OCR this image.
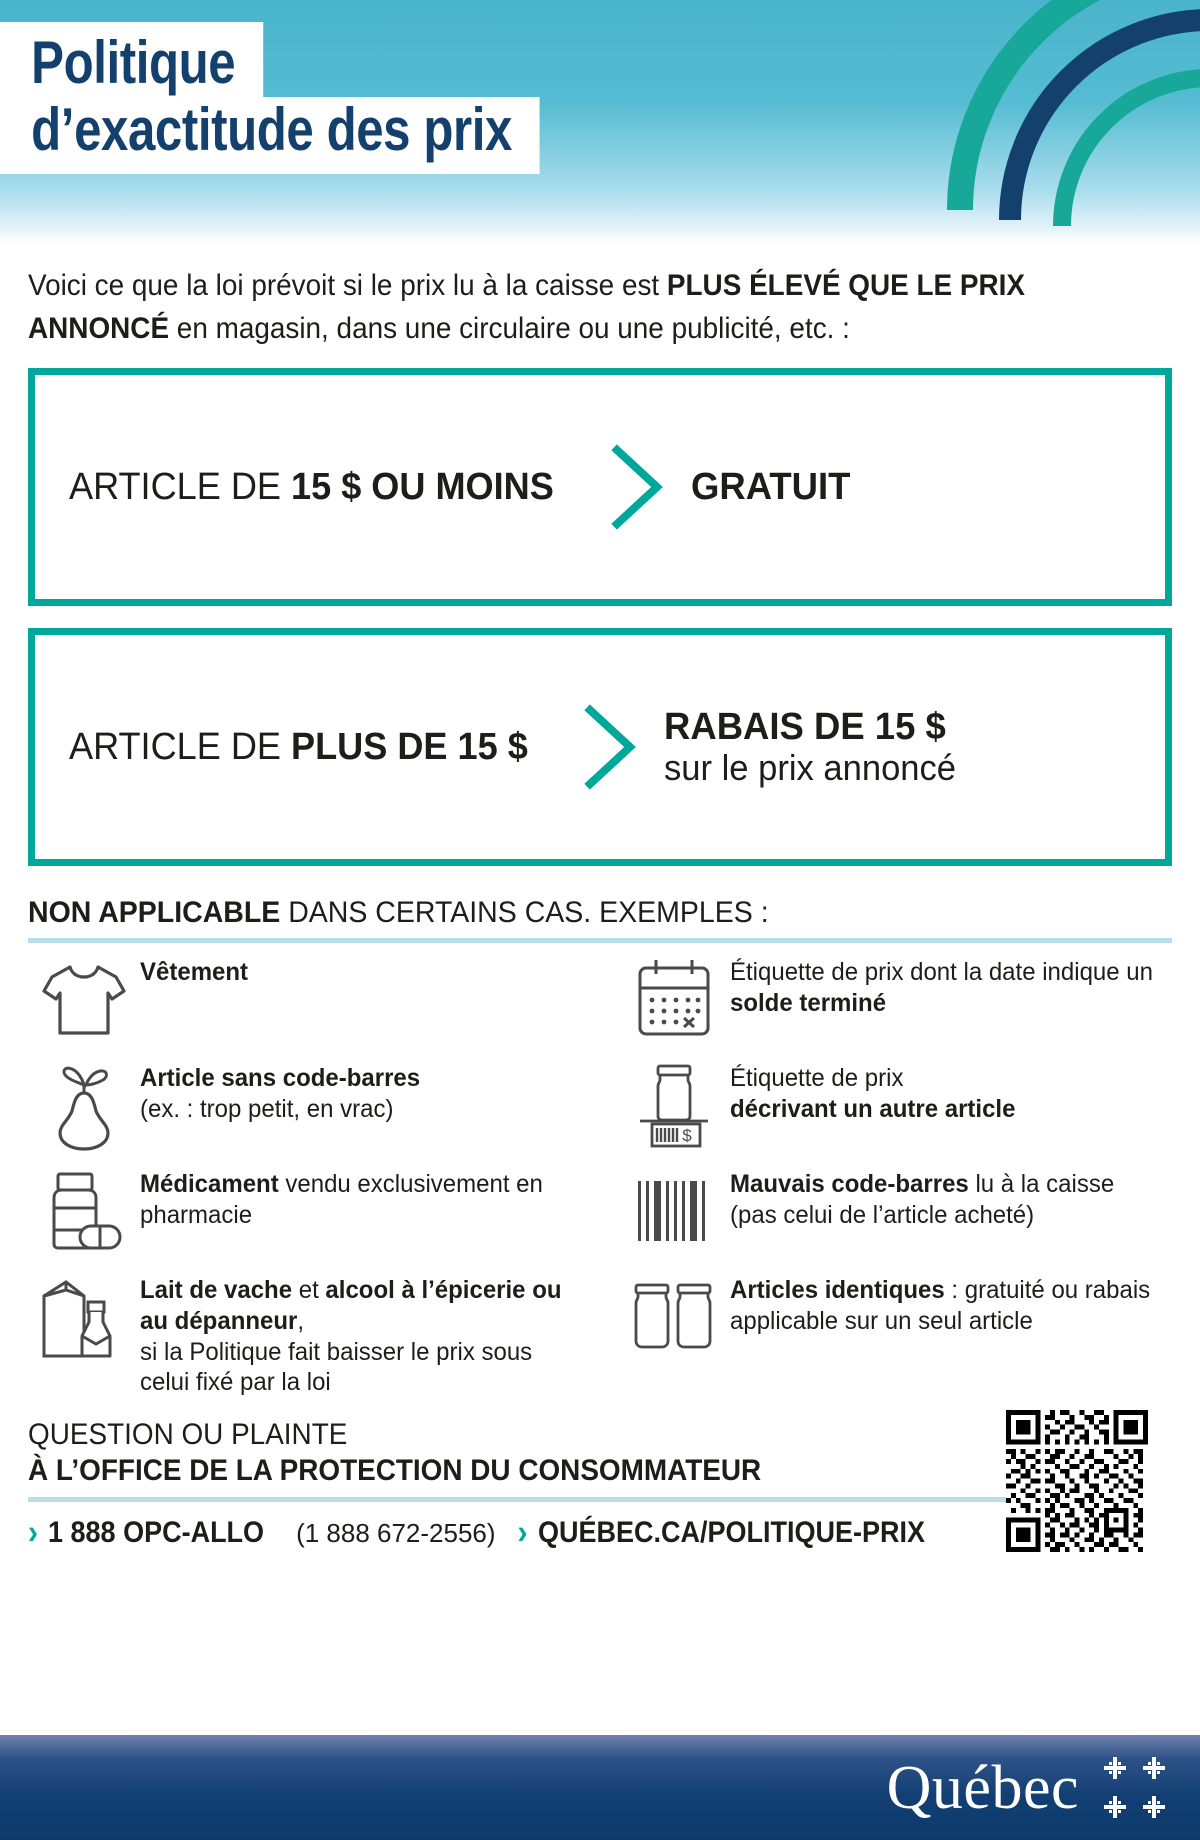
Politique
d’exactitude des prix

Voici ce que la loi prévoit si le prix lu à la caisse est PLUS ÉLEVÉ QUE LE PRIX ANNONCÉ en magasin, dans une circulaire ou une publicité, etc. :

ARTICLE DE 15 $ OU MOINS	GRATUIT
ARTICLE DE PLUS DE 15 $	RABAIS DE 15 $
sur le prix annoncé
NON APPLICABLE DANS CERTAINS CAS. EXEMPLES :
Vêtement
Article sans code-barres
(ex. : trop petit, en vrac)
Médicament vendu exclusivement en pharmacie
Lait de vache et alcool à l’épicerie ou au dépanneur,
si la Politique fait baisser le prix sous celui fixé par la loi
Étiquette de prix dont la date indique un solde terminé
$
Étiquette de prix
décrivant un autre article
Mauvais code-barres lu à la caisse (pas celui de l’article acheté)
Articles identiques : gratuité ou rabais applicable sur un seul article
QUESTION OU PLAINTE
À L’OFFICE DE LA PROTECTION DU CONSOMMATEUR
› 1 888 OPC-ALLO (1 888 672-2556) › QUÉBEC.CA/POLITIQUE-PRIX
Québec
